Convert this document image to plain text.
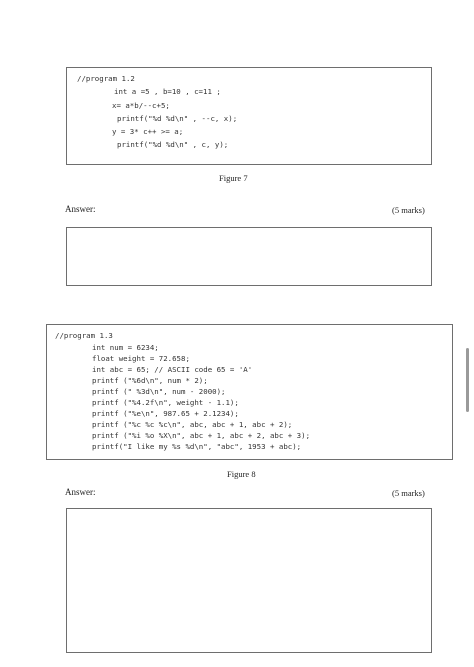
//program 1.2
int a =5 , b=10 , c=11 ;
x= a*b/--c+5;
printf("%d %d\n" , --c, x);
y = 3* c++ >= a;
printf("%d %d\n" , c, y);
Figure 7
Answer:	(5 marks)
//program 1.3
int num = 6234;
float weight = 72.658;
int abc = 65; // ASCII code 65 = 'A'
printf ("%6d\n", num * 2);
printf (" %3d\n", num - 2000);
printf ("%4.2f\n", weight - 1.1);
printf ("%e\n", 987.65 + 2.1234);
printf ("%c %c %c\n", abc, abc + 1, abc + 2);
printf ("%i %o %X\n", abc + 1, abc + 2, abc + 3);
printf("I like my %s %d\n", "abc", 1953 + abc);
Figure 8
Answer:	(5 marks)
